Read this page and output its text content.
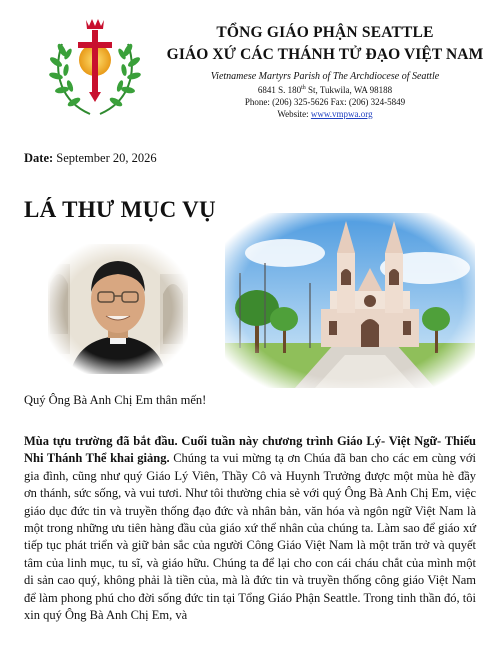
TỔNG GIÁO PHẬN SEATTLE
GIÁO XỨ CÁC THÁNH TỬ ĐẠO VIỆT NAM
Vietnamese Martyrs Parish of The Archdiocese of Seattle
6841 S. 180th St, Tukwila, WA 98188
Phone: (206) 325-5626 Fax: (206) 324-5849
Website: www.vmpwa.org
Date: September 20, 2026
LÁ THƯ MỤC VỤ
Quý Ông Bà Anh Chị Em thân mến!
Mùa tựu trường đã bắt đầu. Cuối tuần này chương trình Giáo Lý- Việt Ngữ- Thiếu Nhi Thánh Thể khai giảng. Chúng ta vui mừng tạ ơn Chúa đã ban cho các em cùng với gia đình, cũng như quý Giáo Lý Viên, Thầy Cô và Huynh Trưởng được một mùa hè đầy ơn thánh, sức sống, và vui tươi. Như tôi thường chia sẻ với quý Ông Bà Anh Chị Em, việc giáo dục đức tin và truyền thống đạo đức và nhân bản, văn hóa và ngôn ngữ Việt Nam là một trong những ưu tiên hàng đầu của giáo xứ thể nhân của chúng ta. Làm sao để giáo xứ tiếp tục phát triển và giữ bản sắc của người Công Giáo Việt Nam là một trăn trở và quyết tâm của linh mục, tu sĩ, và giáo hữu. Chúng ta để lại cho con cái cháu chắt của mình một di sản cao quý, không phải là tiền của, mà là đức tin và truyền thống công giáo Việt Nam để làm phong phú cho đời sống đức tin tại Tổng Giáo Phận Seattle. Trong tinh thần đó, tôi xin quý Ông Bà Anh Chị Em, và
